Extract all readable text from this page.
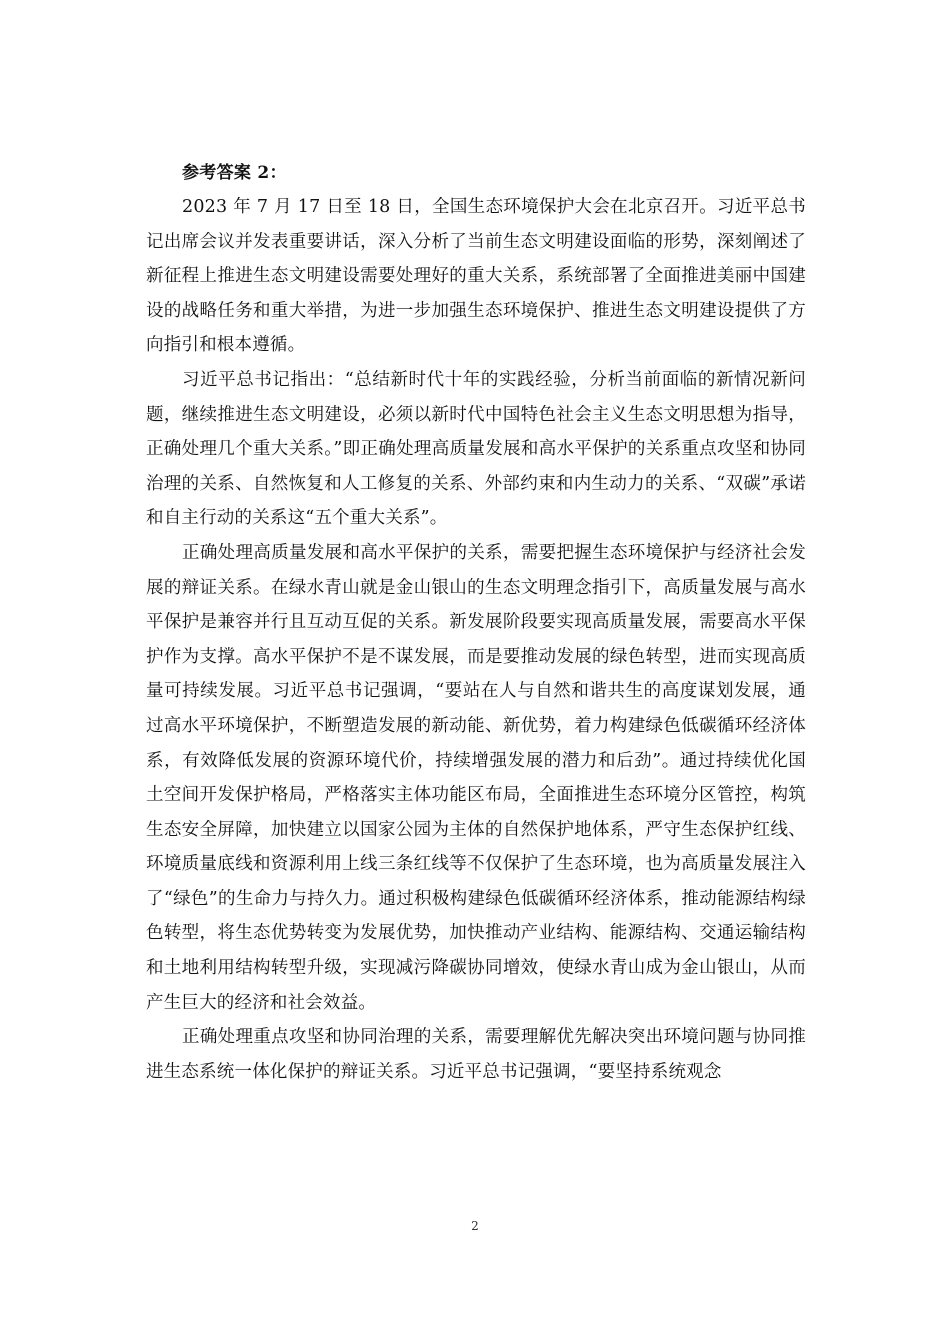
参考答案 2：

2023 年 7 月 17 日至 18 日，全国生态环境保护大会在北京召开。习近平总书记出席会议并发表重要讲话，深入分析了当前生态文明建设面临的形势，深刻阐述了新征程上推进生态文明建设需要处理好的重大关系，系统部署了全面推进美丽中国建设的战略任务和重大举措，为进一步加强生态环境保护、推进生态文明建设提供了方向指引和根本遵循。

习近平总书记指出：“总结新时代十年的实践经验，分析当前面临的新情况新问题，继续推进生态文明建设，必须以新时代中国特色社会主义生态文明思想为指导，正确处理几个重大关系。”即正确处理高质量发展和高水平保护的关系重点攻坚和协同治理的关系、自然恢复和人工修复的关系、外部约束和内生动力的关系、“双碳”承诺和自主行动的关系这“五个重大关系”。

正确处理高质量发展和高水平保护的关系，需要把握生态环境保护与经济社会发展的辩证关系。在绿水青山就是金山银山的生态文明理念指引下，高质量发展与高水平保护是兼容并行且互动互促的关系。新发展阶段要实现高质量发展，需要高水平保护作为支撑。高水平保护不是不谋发展，而是要推动发展的绿色转型，进而实现高质量可持续发展。习近平总书记强调，“要站在人与自然和谐共生的高度谋划发展，通过高水平环境保护，不断塑造发展的新动能、新优势，着力构建绿色低碳循环经济体系，有效降低发展的资源环境代价，持续增强发展的潜力和后劲”。通过持续优化国土空间开发保护格局，严格落实主体功能区布局，全面推进生态环境分区管控，构筑生态安全屏障，加快建立以国家公园为主体的自然保护地体系，严守生态保护红线、环境质量底线和资源利用上线三条红线等不仅保护了生态环境，也为高质量发展注入了“绿色”的生命力与持久力。通过积极构建绿色低碳循环经济体系，推动能源结构绿色转型，将生态优势转变为发展优势，加快推动产业结构、能源结构、交通运输结构和土地利用结构转型升级，实现减污降碳协同增效，使绿水青山成为金山银山，从而产生巨大的经济和社会效益。

正确处理重点攻坚和协同治理的关系，需要理解优先解决突出环境问题与协同推进生态系统一体化保护的辩证关系。习近平总书记强调，“要坚持系统观念

2
